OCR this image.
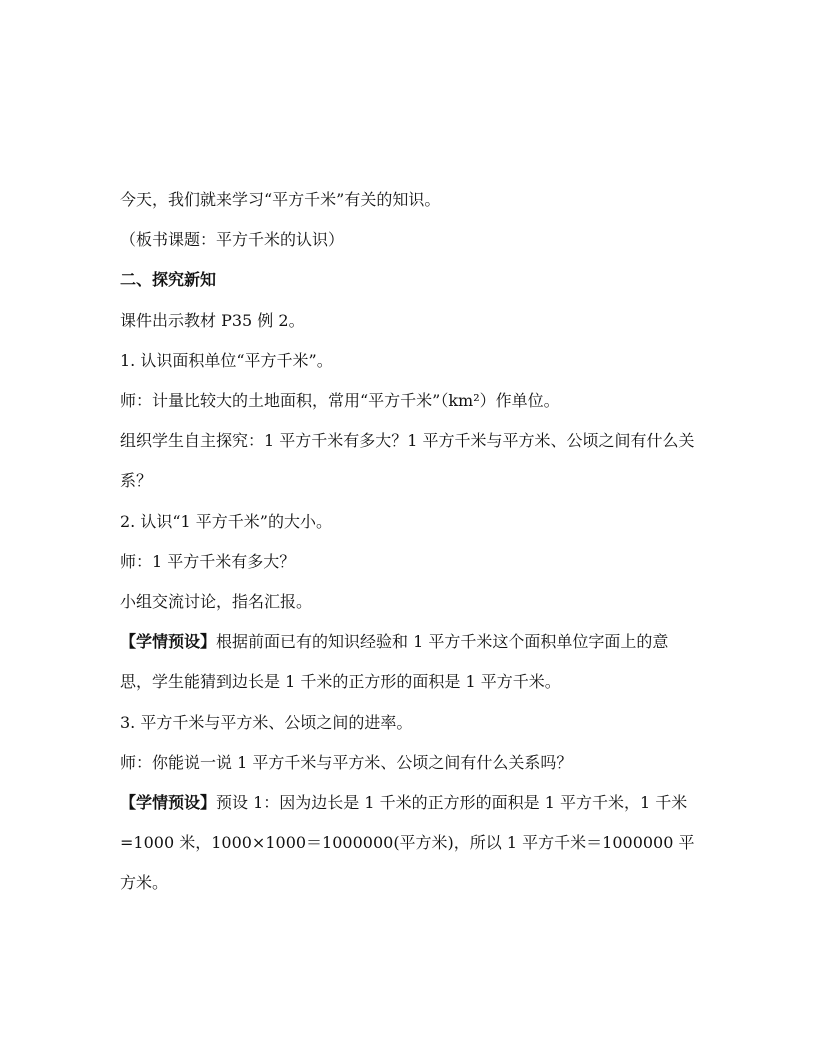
今天，我们就来学习“平方千米”有关的知识。

（板书课题：平方千米的认识）

二、探究新知

课件出示教材 P35 例 2。

1. 认识面积单位“平方千米”。

师：计量比较大的土地面积，常用“平方千米”（km²）作单位。

组织学生自主探究：1 平方千米有多大？1 平方千米与平方米、公顷之间有什么关系？

2. 认识“1 平方千米”的大小。

师：1 平方千米有多大？

小组交流讨论，指名汇报。

【学情预设】根据前面已有的知识经验和 1 平方千米这个面积单位字面上的意思，学生能猜到边长是 1 千米的正方形的面积是 1 平方千米。

3. 平方千米与平方米、公顷之间的进率。

师：你能说一说 1 平方千米与平方米、公顷之间有什么关系吗？

【学情预设】预设 1：因为边长是 1 千米的正方形的面积是 1 平方千米，1 千米=1000 米，1000×1000＝1000000(平方米)，所以 1 平方千米＝1000000 平方米。
